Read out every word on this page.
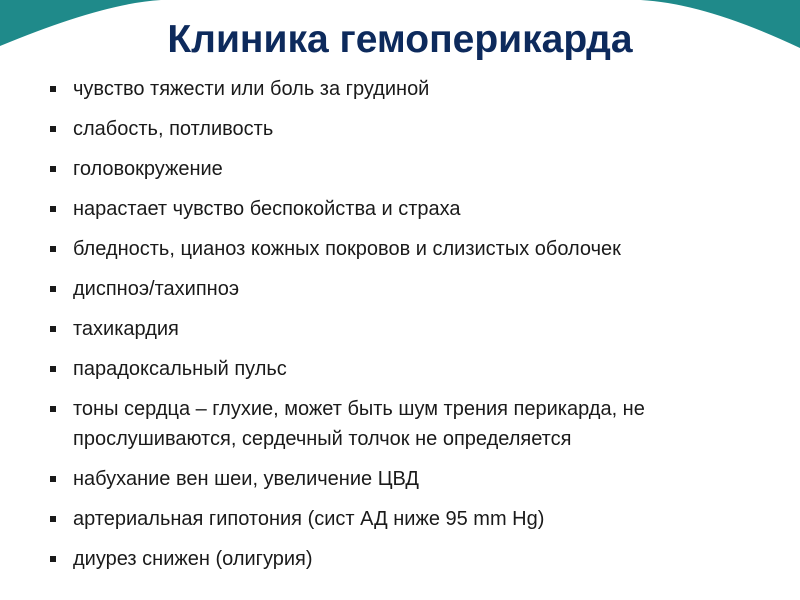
Клиника гемоперикарда
чувство тяжести или боль за грудиной
слабость, потливость
головокружение
нарастает чувство беспокойства и страха
бледность, цианоз кожных покровов и слизистых оболочек
диспноэ/тахипноэ
тахикардия
парадоксальный пульс
тоны сердца – глухие, может быть шум трения перикарда, не прослушиваются, сердечный толчок не определяется
набухание вен шеи, увеличение ЦВД
артериальная гипотония (сист АД ниже 95 mm Hg)
диурез снижен (олигурия)
